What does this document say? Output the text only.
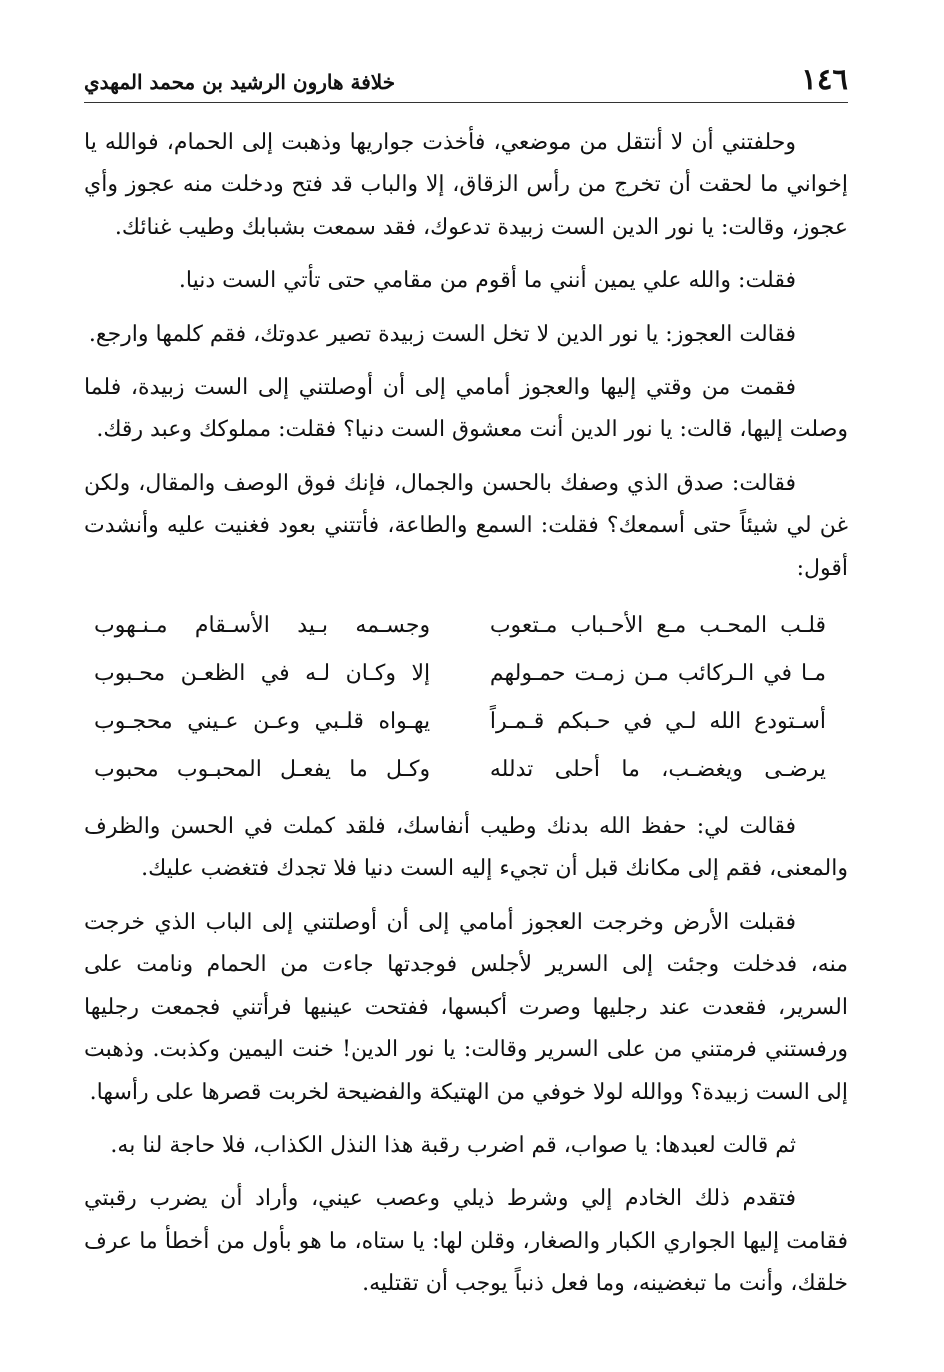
١٤٦
خلافة هارون الرشيد بن محمد المهدي

وحلفتني أن لا أنتقل من موضعي، فأخذت جواريها وذهبت إلى الحمام، فوالله يا إخواني ما لحقت أن تخرج من رأس الزقاق، إلا والباب قد فتح ودخلت منه عجوز وأي عجوز، وقالت: يا نور الدين الست زبيدة تدعوك، فقد سمعت بشبابك وطيب غنائك.

فقلت: والله علي يمين أنني ما أقوم من مقامي حتى تأتي الست دنيا.

فقالت العجوز: يا نور الدين لا تخل الست زبيدة تصير عدوتك، فقم كلمها وارجع.

فقمت من وقتي إليها والعجوز أمامي إلى أن أوصلتني إلى الست زبيدة، فلما وصلت إليها، قالت: يا نور الدين أنت معشوق الست دنيا؟ فقلت: مملوكك وعبد رقك.

فقالت: صدق الذي وصفك بالحسن والجمال، فإنك فوق الوصف والمقال، ولكن غن لي شيئاً حتى أسمعك؟ فقلت: السمع والطاعة، فأتتني بعود فغنيت عليه وأنشدت أقول:

قلـب المحـب مـع الأحـباب مـتعوب
وجسـمه بـيد الأسـقام مـنـهوب
مـا في الـركائب مـن زمـت حمـولهم
إلا وكـان لـه في الظعـن محـبوب
أسـتودع الله لـي في حـبكم قـمـراً
يهـواه قلـبي وعـن عـيني محجـوب
يرضـى ويغضـب، ما أحلى تدلله
وكـل ما يفعـل المحبـوب محبوب

فقالت لي: حفظ الله بدنك وطيب أنفاسك، فلقد كملت في الحسن والظرف والمعنى، فقم إلى مكانك قبل أن تجيء إليه الست دنيا فلا تجدك فتغضب عليك.

فقبلت الأرض وخرجت العجوز أمامي إلى أن أوصلتني إلى الباب الذي خرجت منه، فدخلت وجئت إلى السرير لأجلس فوجدتها جاءت من الحمام ونامت على السرير، فقعدت عند رجليها وصرت أكبسها، ففتحت عينيها فرأتني فجمعت رجليها ورفستني فرمتني من على السرير وقالت: يا نور الدين! خنت اليمين وكذبت. وذهبت إلى الست زبيدة؟ ووالله لولا خوفي من الهتيكة والفضيحة لخربت قصرها على رأسها.

ثم قالت لعبدها: يا صواب، قم اضرب رقبة هذا النذل الكذاب، فلا حاجة لنا به.

فتقدم ذلك الخادم إلي وشرط ذيلي وعصب عيني، وأراد أن يضرب رقبتي فقامت إليها الجواري الكبار والصغار، وقلن لها: يا ستاه، ما هو بأول من أخطأ ما عرف خلقك، وأنت ما تبغضينه، وما فعل ذنباً يوجب أن تقتليه.
